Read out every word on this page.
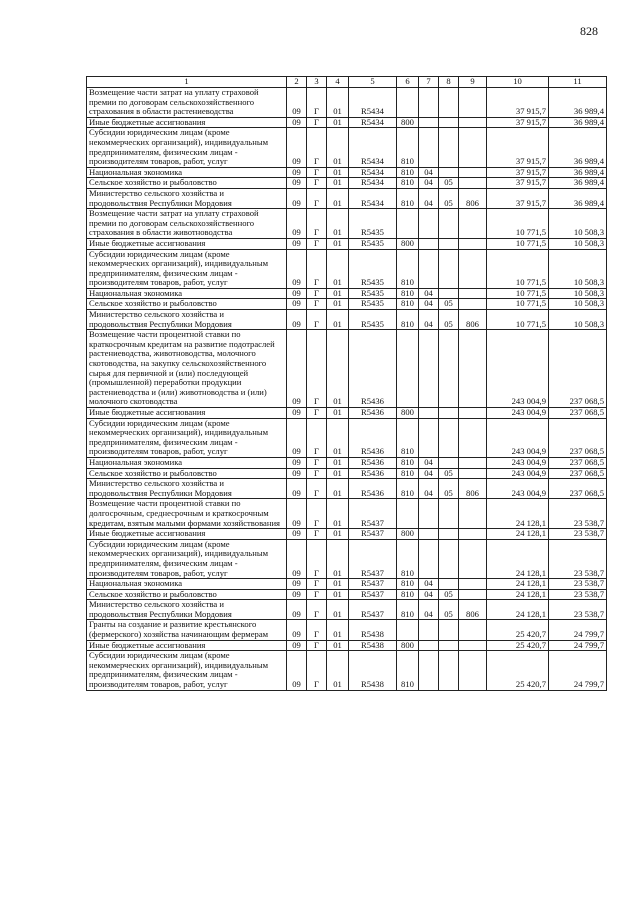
828
1	2	3	4	5	6	7	8	9	10	11
Возмещение части затрат на уплату страховой премии по договорам сельскохозяйственного страхования в области растениеводства	09	Г	01	R5434					37 915,7	36 989,4
Иные бюджетные ассигнования	09	Г	01	R5434	800				37 915,7	36 989,4
Субсидии юридическим лицам (кроме некоммерческих организаций), индивидуальным предпринимателям, физическим лицам - производителям товаров, работ, услуг	09	Г	01	R5434	810				37 915,7	36 989,4
Национальная экономика	09	Г	01	R5434	810	04			37 915,7	36 989,4
Сельское хозяйство и рыболовство	09	Г	01	R5434	810	04	05		37 915,7	36 989,4
Министерство сельского хозяйства и продовольствия Республики Мордовия	09	Г	01	R5434	810	04	05	806	37 915,7	36 989,4
Возмещение части затрат на уплату страховой премии по договорам сельскохозяйственного страхования в области животноводства	09	Г	01	R5435					10 771,5	10 508,3
Иные бюджетные ассигнования	09	Г	01	R5435	800				10 771,5	10 508,3
Субсидии юридическим лицам (кроме некоммерческих организаций), индивидуальным предпринимателям, физическим лицам - производителям товаров, работ, услуг	09	Г	01	R5435	810				10 771,5	10 508,3
Национальная экономика	09	Г	01	R5435	810	04			10 771,5	10 508,3
Сельское хозяйство и рыболовство	09	Г	01	R5435	810	04	05		10 771,5	10 508,3
Министерство сельского хозяйства и продовольствия Республики Мордовия	09	Г	01	R5435	810	04	05	806	10 771,5	10 508,3
Возмещение части процентной ставки по краткосрочным кредитам на развитие подотраслей растениеводства, животноводства, молочного скотоводства, на закупку сельскохозяйственного сырья для первичной и (или) последующей (промышленной) переработки продукции растениеводства и (или) животноводства и (или) молочного скотоводства	09	Г	01	R5436					243 004,9	237 068,5
Иные бюджетные ассигнования	09	Г	01	R5436	800				243 004,9	237 068,5
Субсидии юридическим лицам (кроме некоммерческих организаций), индивидуальным предпринимателям, физическим лицам - производителям товаров, работ, услуг	09	Г	01	R5436	810				243 004,9	237 068,5
Национальная экономика	09	Г	01	R5436	810	04			243 004,9	237 068,5
Сельское хозяйство и рыболовство	09	Г	01	R5436	810	04	05		243 004,9	237 068,5
Министерство сельского хозяйства и продовольствия Республики Мордовия	09	Г	01	R5436	810	04	05	806	243 004,9	237 068,5
Возмещение части процентной ставки по долгосрочным, среднесрочным и краткосрочным кредитам, взятым малыми формами хозяйствования	09	Г	01	R5437					24 128,1	23 538,7
Иные бюджетные ассигнования	09	Г	01	R5437	800				24 128,1	23 538,7
Субсидии юридическим лицам (кроме некоммерческих организаций), индивидуальным предпринимателям, физическим лицам - производителям товаров, работ, услуг	09	Г	01	R5437	810				24 128,1	23 538,7
Национальная экономика	09	Г	01	R5437	810	04			24 128,1	23 538,7
Сельское хозяйство и рыболовство	09	Г	01	R5437	810	04	05		24 128,1	23 538,7
Министерство сельского хозяйства и продовольствия Республики Мордовия	09	Г	01	R5437	810	04	05	806	24 128,1	23 538,7
Гранты на создание и развитие крестьянского (фермерского) хозяйства начинающим фермерам	09	Г	01	R5438					25 420,7	24 799,7
Иные бюджетные ассигнования	09	Г	01	R5438	800				25 420,7	24 799,7
Субсидии юридическим лицам (кроме некоммерческих организаций), индивидуальным предпринимателям, физическим лицам - производителям товаров, работ, услуг	09	Г	01	R5438	810				25 420,7	24 799,7
